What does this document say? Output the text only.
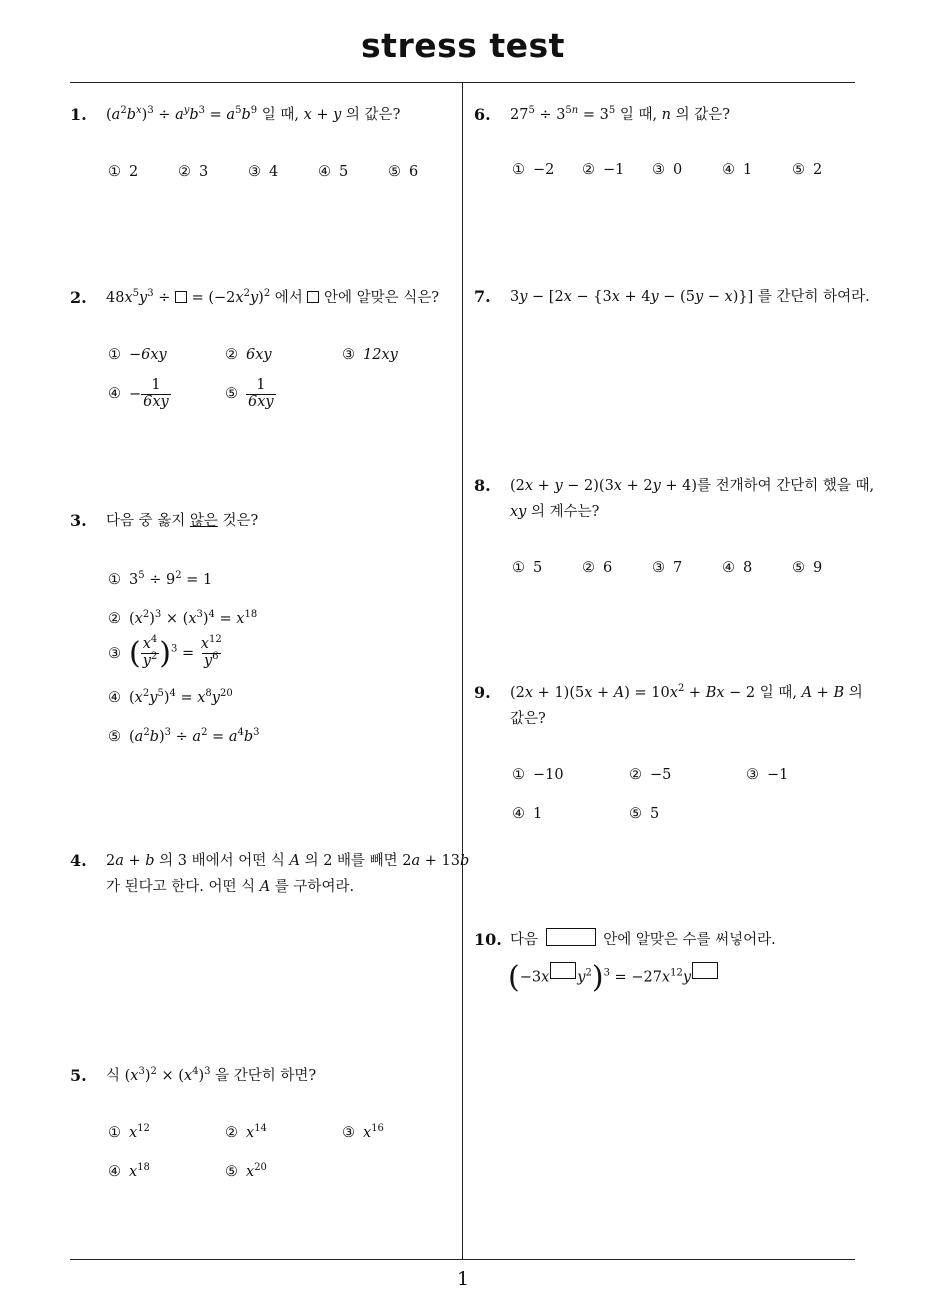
stress test
1
1. $(a^2b^x)^3 \div a^yb^3 = a^5b^9$ 일 때, x + y 의 값은?
① 2	② 3	③ 4	④ 5	⑤ 6
2. $48x^5y^3$ ÷  = $(-2x^2y)^2$ 에서  안에 알맞은 식은?
① −6xy	② 6xy	③ 12xy
④ − $\frac{1}{6xy}$	⑤ $\frac{1}{6xy}$
3. 다음 중 옳지 않은 것은?
① $3^5 \div 9^2 = 1$
② $(x^2)^3 \times (x^3)^4 = x^{18}$
③ ( $\frac{x^4}{y^2} )^3 = \frac{x^{12}}{y^6}$
④ $(x^2y^5)^4 = x^8y^{20}$
⑤ $(a^2b)^3 \div a^2 = a^4b^3$
4. 2a + b 의 3 배에서 어떤 식 A 의 2 배를 빼면 2a + 13b
가 된다고 한다. 어떤 식 A 를 구하여라.
5. 식 $(x^3)^2 \times (x^4)^3$ 을 간단히 하면?
① $x^{12}$	② $x^{14}$	③ $x^{16}$
④ $x^{18}$	⑤ $x^{20}$
6. $27^5 \div 3^{5n} = 3^5$ 일 때, n 의 값은?
① −2 ② −1 ③ 0	④ 1	⑤ 2
7. 3y − [2x − {3x + 4y − (5y − x)}] 를 간단히 하여라.
8. (2x + y − 2)(3x + 2y + 4)를 전개하여 간단히 했을 때,
xy 의 계수는?
① 5	② 6	③ 7	④ 8	⑤ 9
9. $(2x + 1)(5x + A) = 10x^2 + Bx - 2$ 일 때, A + B 의
값은?
① −10	② −5	③ −1
④ 1	⑤ 5
10. 다음	안에 알맞은 수를 써넣어라.
(−3x $y^2)^3 = -27x^{12}y$
